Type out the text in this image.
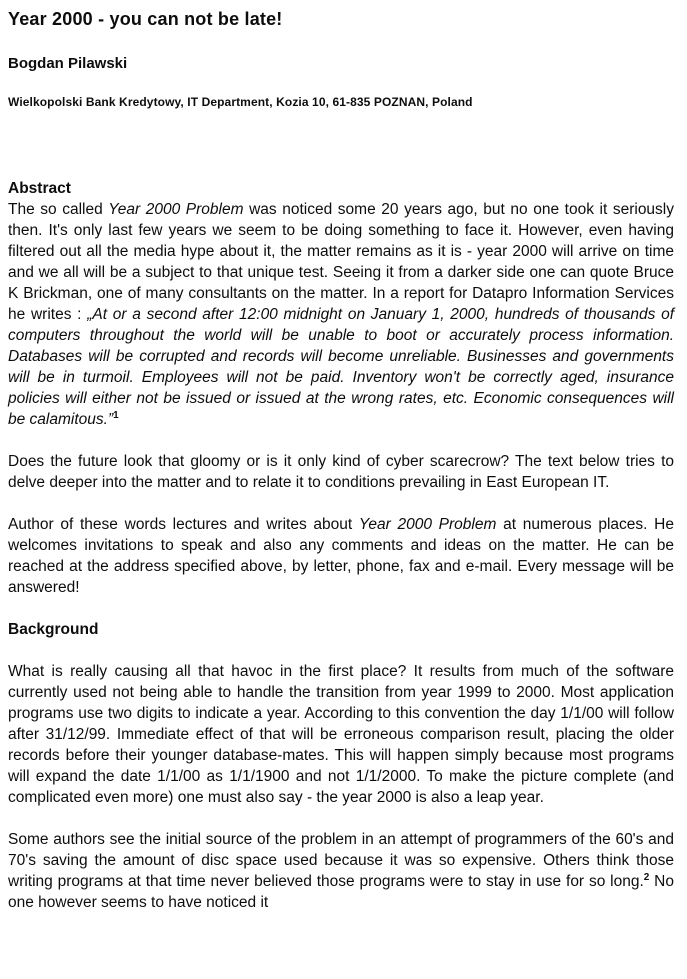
Year 2000 - you can not be late!
Bogdan Pilawski
Wielkopolski Bank Kredytowy, IT Department, Kozia 10, 61-835 POZNAN, Poland
Abstract

The so called Year 2000 Problem was noticed some 20 years ago, but no one took it seriously then. It's only last few years we seem to be doing something to face it. However, even having filtered out all the media hype about it, the matter remains as it is - year 2000 will arrive on time and we all will be a subject to that unique test. Seeing it from a darker side one can quote Bruce K Brickman, one of many consultants on the matter. In a report for Datapro Information Services he writes : „At or a second after 12:00 midnight on January 1, 2000, hundreds of thousands of computers throughout the world will be unable to boot or accurately process information. Databases will be corrupted and records will become unreliable. Businesses and governments will be in turmoil. Employees will not be paid. Inventory won't be correctly aged, insurance policies will either not be issued or issued at the wrong rates, etc. Economic consequences will be calamitous.”$^1$

Does the future look that gloomy or is it only kind of cyber scarecrow? The text below tries to delve deeper into the matter and to relate it to conditions prevailing in East European IT.

Author of these words lectures and writes about Year 2000 Problem at numerous places. He welcomes invitations to speak and also any comments and ideas on the matter. He can be reached at the address specified above, by letter, phone, fax and e-mail. Every message will be answered!

Background

What is really causing all that havoc in the first place? It results from much of the software currently used not being able to handle the transition from year 1999 to 2000. Most application programs use two digits to indicate a year. According to this convention the day 1/1/00 will follow after 31/12/99. Immediate effect of that will be erroneous comparison result, placing the older records before their younger database-mates. This will happen simply because most programs will expand the date 1/1/00 as 1/1/1900 and not 1/1/2000. To make the picture complete (and complicated even more) one must also say - the year 2000 is also a leap year.

Some authors see the initial source of the problem in an attempt of programmers of the 60's and 70's saving the amount of disc space used because it was so expensive. Others think those writing programs at that time never believed those programs were to stay in use for so long.$^2$ No one however seems to have noticed it
